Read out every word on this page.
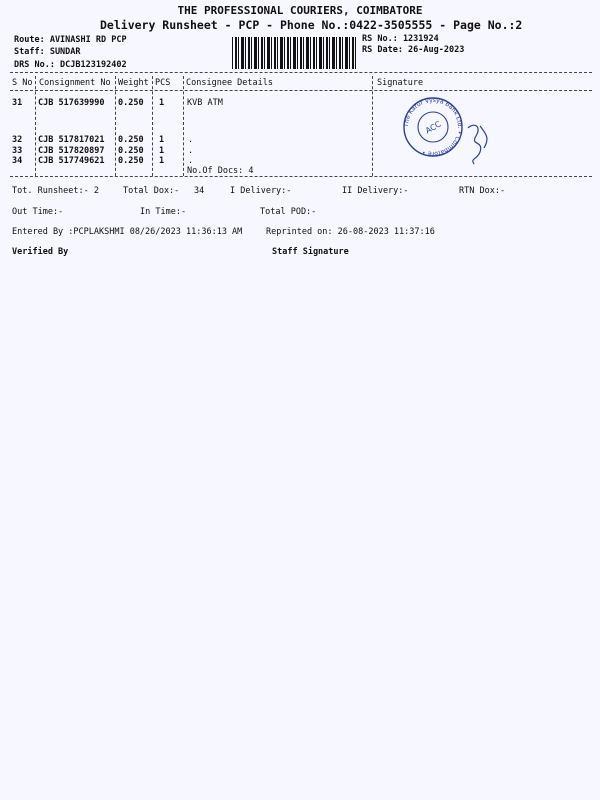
THE PROFESSIONAL COURIERS, COIMBATORE
Delivery Runsheet - PCP - Phone No.:0422-3505555 - Page No.:2
Route: AVINASHI RD PCP
Staff: SUNDAR
DRS No.: DCJB123192402
RS No.: 1231924
RS Date: 26-Aug-2023
S No Consignment No Weight PCS Consignee Details	Signature
31 CJB 517639990 0.250 1	KVB ATM
32 CJB 517817021 0.250 1	.
33 CJB 517820897 0.250 1	.
34 CJB 517749621 0.250 1	.
No.Of Docs: 4
The Karur Vysya Bank Ltd. • Coimbatore •
ACC
Tot. Runsheet:- 2	Total Dox:- 34	I Delivery:-	II Delivery:-	RTN Dox:-
Out Time:-	In Time:-	Total POD:-
Entered By :PCPLAKSHMI 08/26/2023 11:36:13 AM	Reprinted on: 26-08-2023 11:37:16
Verified By	Staff Signature
